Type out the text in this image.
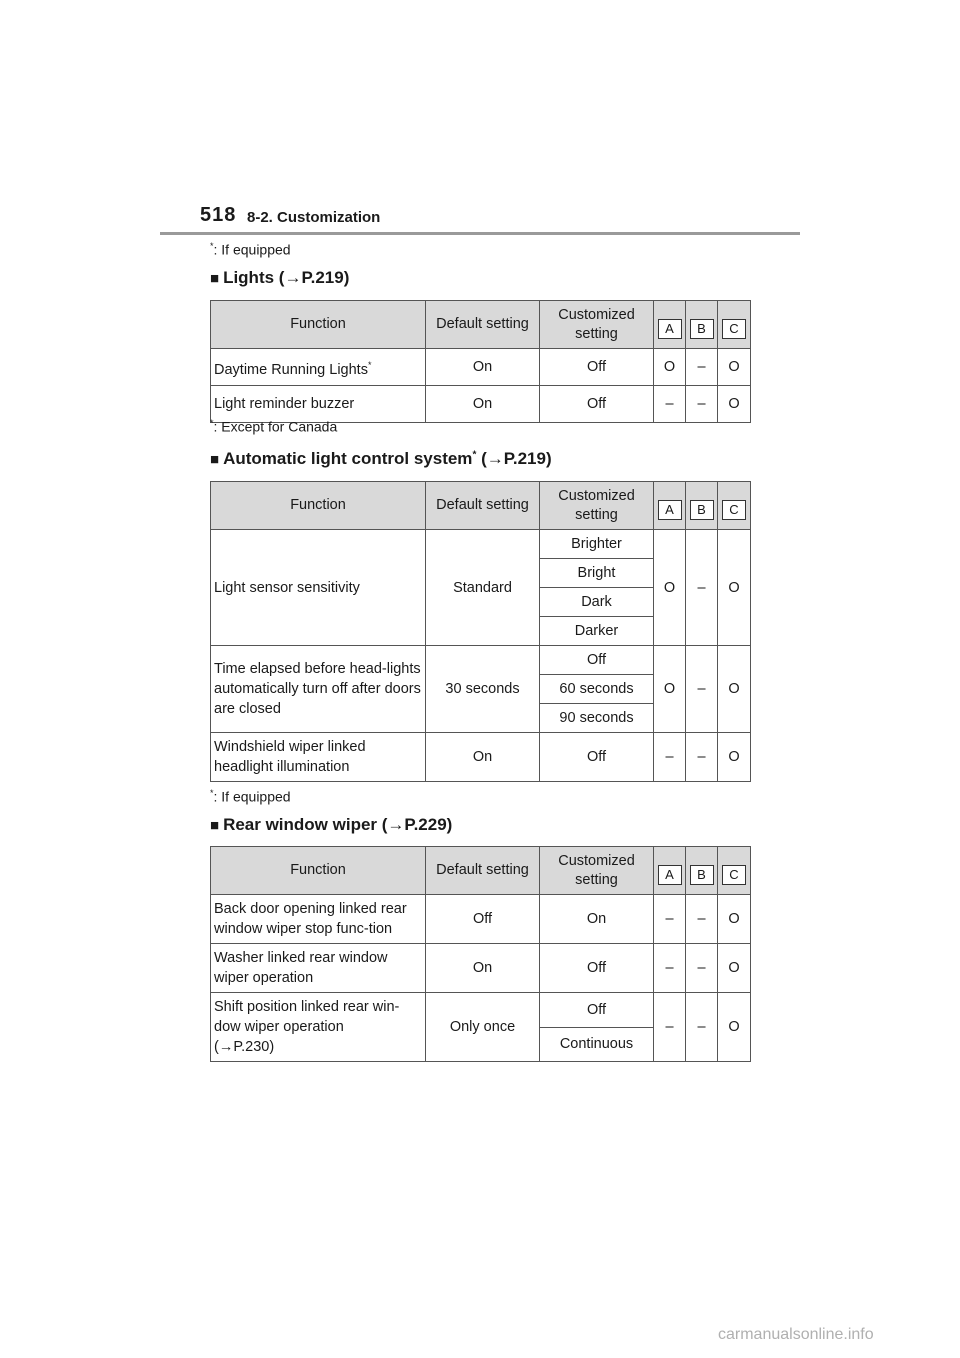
518 8-2. Customization
*: If equipped
■ Lights (→P.219)
Function	Default setting	Customized setting	A	B	C
Daytime Running Lights*	On	Off	O	–	O
Light reminder buzzer	On	Off	–	–	O
*: Except for Canada
■ Automatic light control system* (→P.219)
Function	Default setting	Customized setting	A	B	C
Light sensor sensitivity	Standard	Brighter	O	–	O
		Bright			
		Dark			
		Darker			
Time elapsed before head-lights automatically turn off after doors are closed	30 seconds	Off	O	–	O
		60 seconds			
		90 seconds			
Windshield wiper linked headlight illumination	On	Off	–	–	O
*: If equipped
■ Rear window wiper (→P.229)
Function	Default setting	Customized setting	A	B	C
Back door opening linked rear window wiper stop func-tion	Off	On	–	–	O
Washer linked rear window wiper operation	On	Off	–	–	O
Shift position linked rear win-dow wiper operation
(→P.230)	Only once	Off	–	–	O
		Continuous			
carmanualsonline.info
